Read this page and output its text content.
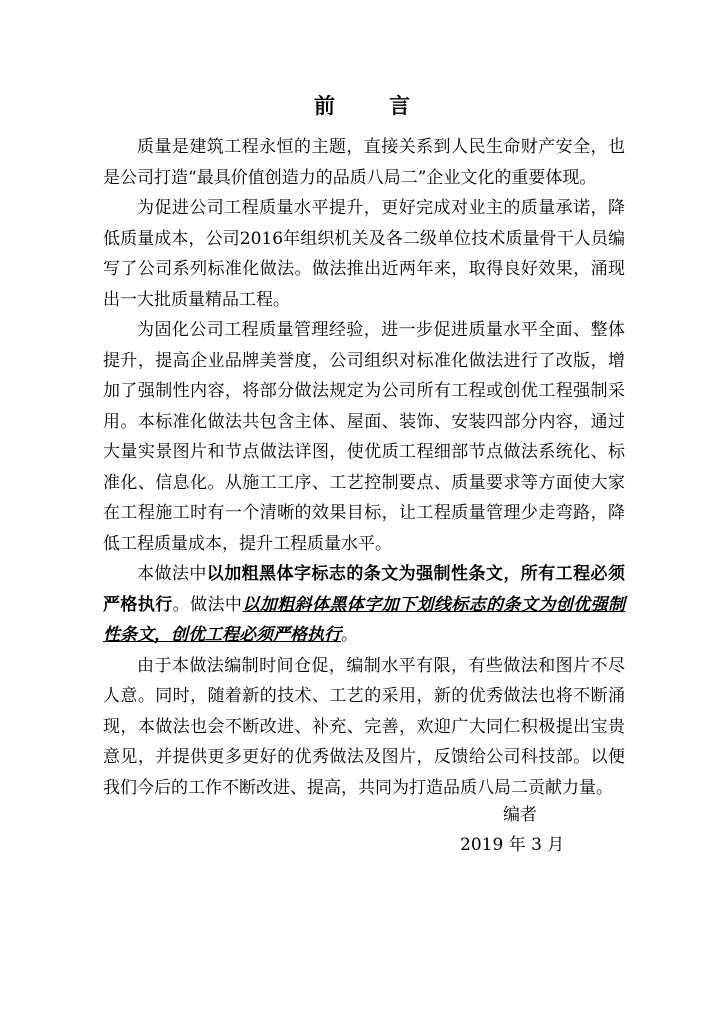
前言

质量是建筑工程永恒的主题，直接关系到人民生命财产安全，也是公司打造“最具价值创造力的品质八局二”企业文化的重要体现。

为促进公司工程质量水平提升，更好完成对业主的质量承诺，降低质量成本，公司2016年组织机关及各二级单位技术质量骨干人员编写了公司系列标准化做法。做法推出近两年来，取得良好效果，涌现出一大批质量精品工程。

为固化公司工程质量管理经验，进一步促进质量水平全面、整体提升，提高企业品牌美誉度，公司组织对标准化做法进行了改版，增加了强制性内容，将部分做法规定为公司所有工程或创优工程强制采用。本标准化做法共包含主体、屋面、装饰、安装四部分内容，通过大量实景图片和节点做法详图，使优质工程细部节点做法系统化、标准化、信息化。从施工工序、工艺控制要点、质量要求等方面使大家在工程施工时有一个清晰的效果目标，让工程质量管理少走弯路，降低工程质量成本，提升工程质量水平。

本做法中以加粗黑体字标志的条文为强制性条文，所有工程必须严格执行。做法中以加粗斜体黑体字加下划线标志的条文为创优强制性条文，创优工程必须严格执行。

由于本做法编制时间仓促，编制水平有限，有些做法和图片不尽人意。同时，随着新的技术、工艺的采用，新的优秀做法也将不断涌现，本做法也会不断改进、补充、完善，欢迎广大同仁积极提出宝贵意见，并提供更多更好的优秀做法及图片，反馈给公司科技部。以便我们今后的工作不断改进、提高，共同为打造品质八局二贡献力量。

编者
2019 年 3 月
